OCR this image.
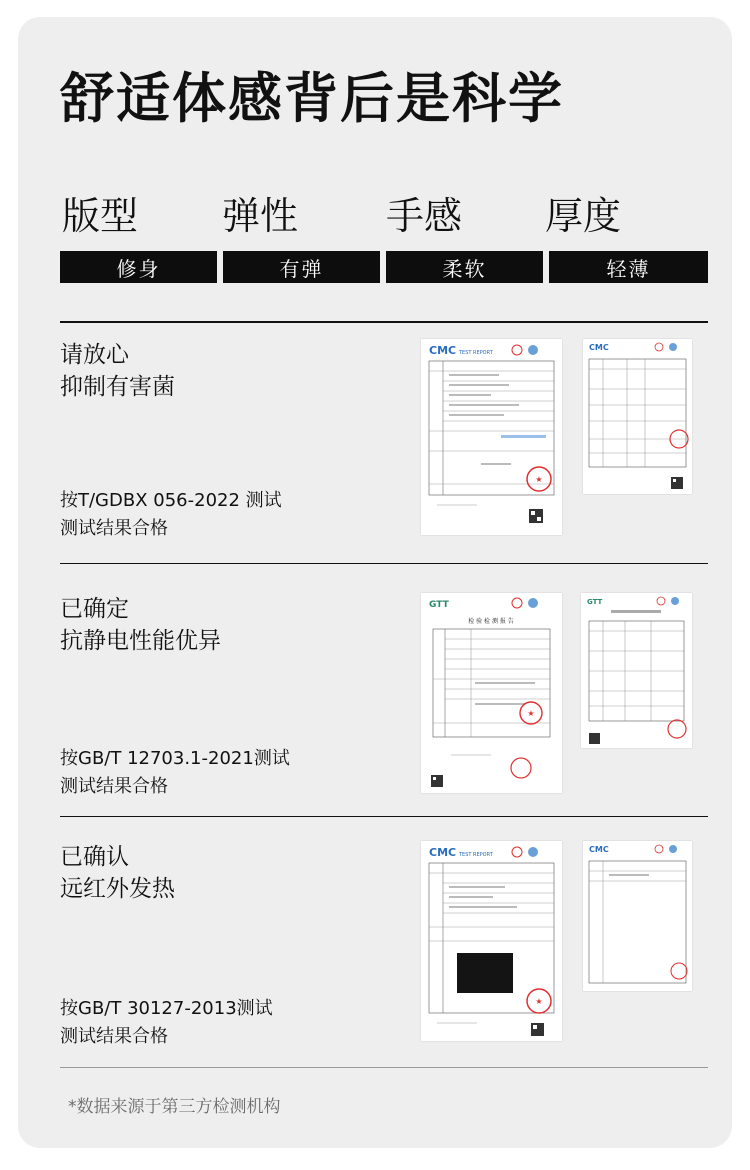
舒适体感背后是科学
版型 弹性 手感 厚度
修身	有弹	柔软	轻薄
请放心
抑制有害菌
按T/GDBX 056-2022 测试
测试结果合格
CMC TEST REPORT
★
CMC
已确定
抗静电性能优异
按GB/T 12703.1-2021测试
测试结果合格
GTT
检 验 检 测 报 告
★
GTT
已确认
远红外发热
按GB/T 30127-2013测试
测试结果合格
CMC TEST REPORT
★
CMC
*数据来源于第三方检测机构
